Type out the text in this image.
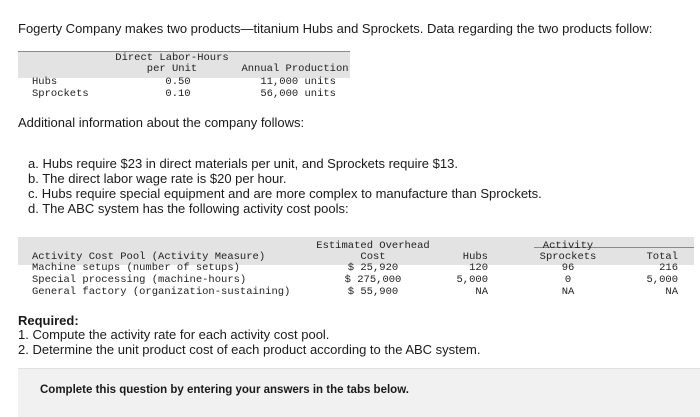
Fogerty Company makes two products—titanium Hubs and Sprockets. Data regarding the two products follow:
Direct Labor-Hours
per Unit	Annual Production
Hubs	0.50	11,000 units
Sprockets	0.10	56,000 units
Additional information about the company follows:
a. Hubs require $23 in direct materials per unit, and Sprockets require $13.
b. The direct labor wage rate is $20 per hour.
c. Hubs require special equipment and are more complex to manufacture than Sprockets.
d. The ABC system has the following activity cost pools:
Estimated Overhead
Cost
Activity
Activity Cost Pool (Activity Measure)	Hubs	Sprockets	Total
Machine setups (number of setups)	$ 25,920	120	96	216
Special processing (machine-hours)	$ 275,000	5,000	0	5,000
General factory (organization-sustaining)	$ 55,900	NA	NA	NA
Required:
1. Compute the activity rate for each activity cost pool.
2. Determine the unit product cost of each product according to the ABC system.
Complete this question by entering your answers in the tabs below.
